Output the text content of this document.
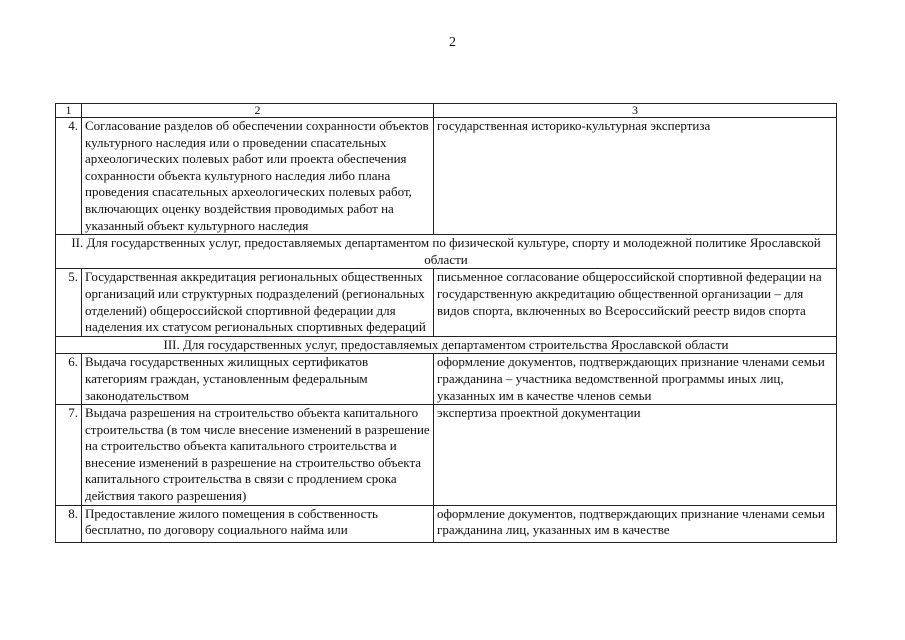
2
1	2	3
4.	Согласование разделов об обеспечении сохранности объектов культурного наследия или о проведении спасательных археологических полевых работ или проекта обеспечения сохранности объекта культурного наследия либо плана проведения спасательных археологических полевых работ, включающих оценку воздействия проводимых работ на указанный объект культурного наследия	государственная историко-культурная экспертиза
II. Для государственных услуг, предоставляемых департаментом по физической культуре, спорту и молодежной политике Ярославской области		
5.	Государственная аккредитация региональных общественных организаций или структурных подразделений (региональных отделений) общероссийской спортивной федерации для наделения их статусом региональных спортивных федераций	письменное согласование общероссийской спортивной федерации на государственную аккредитацию общественной организации – для видов спорта, включенных во Всероссийский реестр видов спорта
III. Для государственных услуг, предоставляемых департаментом строительства Ярославской области		
6.	Выдача государственных жилищных сертификатов категориям граждан, установленным федеральным законодательством	оформление документов, подтверждающих признание членами семьи гражданина – участника ведомственной программы иных лиц, указанных им в качестве членов семьи
7.	Выдача разрешения на строительство объекта капитального строительства (в том числе внесение изменений в разрешение на строительство объекта капитального строительства и внесение изменений в разрешение на строительство объекта капитального строительства в связи с продлением срока действия такого разрешения)	экспертиза проектной документации
8.	Предоставление жилого помещения в собственность бесплатно, по договору социального найма или	оформление документов, подтверждающих признание членами семьи гражданина лиц, указанных им в качестве
